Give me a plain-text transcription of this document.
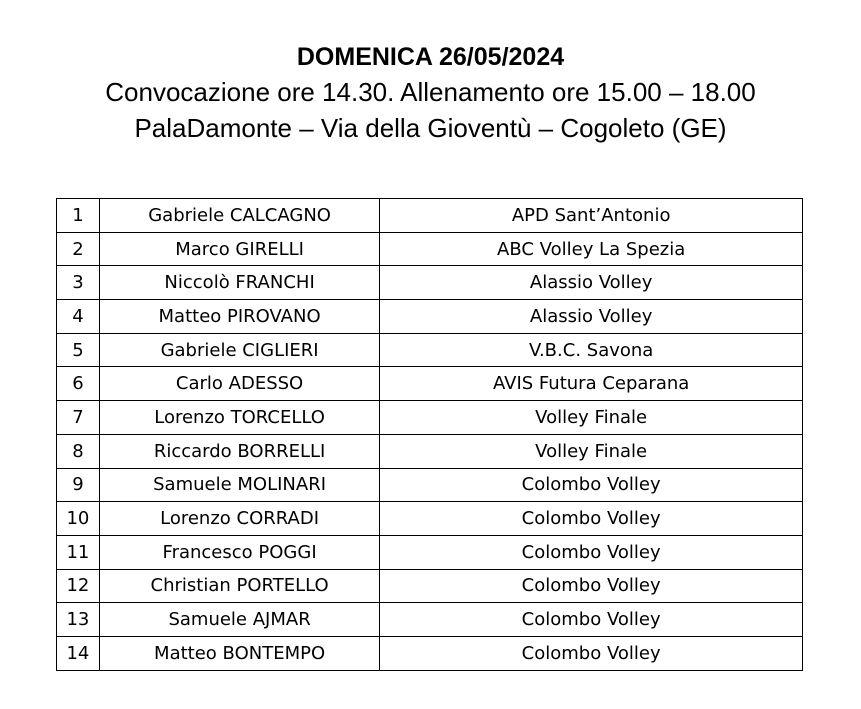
DOMENICA 26/05/2024
Convocazione ore 14.30. Allenamento ore 15.00 – 18.00
PalaDamonte – Via della Gioventù – Cogoleto (GE)
1	Gabriele CALCAGNO	APD Sant’Antonio
2	Marco GIRELLI	ABC Volley La Spezia
3	Niccolò FRANCHI	Alassio Volley
4	Matteo PIROVANO	Alassio Volley
5	Gabriele CIGLIERI	V.B.C. Savona
6	Carlo ADESSO	AVIS Futura Ceparana
7	Lorenzo TORCELLO	Volley Finale
8	Riccardo BORRELLI	Volley Finale
9	Samuele MOLINARI	Colombo Volley
10	Lorenzo CORRADI	Colombo Volley
11	Francesco POGGI	Colombo Volley
12	Christian PORTELLO	Colombo Volley
13	Samuele AJMAR	Colombo Volley
14	Matteo BONTEMPO	Colombo Volley
